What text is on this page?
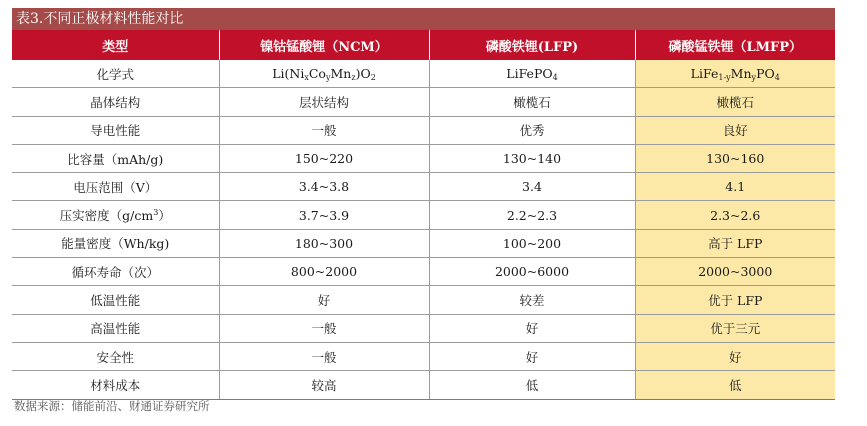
表3.不同正极材料性能对比
类型	镍钴锰酸锂（NCM）	磷酸铁锂(LFP)	磷酸锰铁锂（LMFP）
化学式	$Li(Ni_xCo_yMn_z)O_2$	LiFePO$_4$	$LiFe_{1-y}Mn_yPO_4$
晶体结构	层状结构	橄榄石	橄榄石
导电性能	一般	优秀	良好
比容量（mAh/g)	150~220	130~140	130~160
电压范围（V）	3.4~3.8	3.4	4.1
压实密度$(g/cm^3)$	3.7~3.9	2.2~2.3	2.3~2.6
能量密度（Wh/kg)	180~300	100~200	高于 LFP
循环寿命（次）	800~2000	2000~6000	2000~3000
低温性能	好	较差	优于 LFP
高温性能	一般	好	优于三元
安全性	一般	好	好
材料成本	较高	低	低
数据来源：储能前沿、财通证券研究所
